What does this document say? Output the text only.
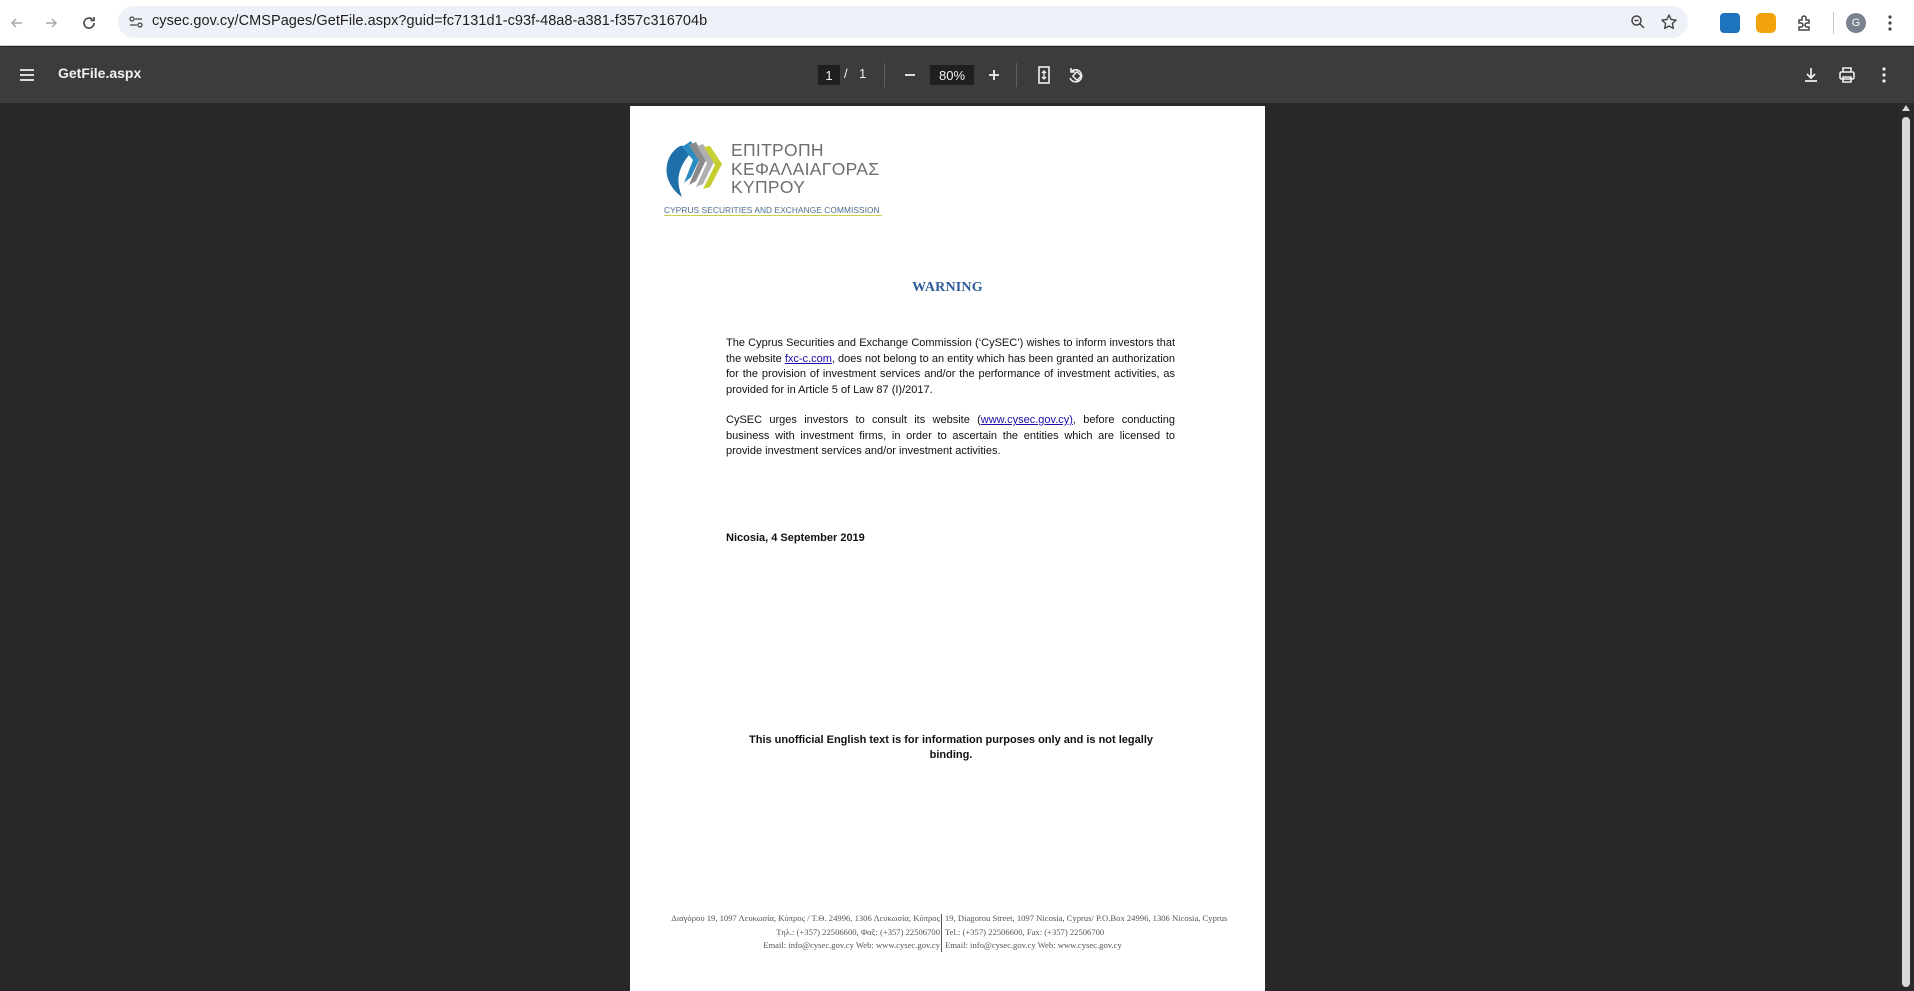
cysec.gov.cy/CMSPages/GetFile.aspx?guid=fc7131d1-c93f-48a8-a381-f357c316704b	G
GetFile.aspx	1 / 1	80%
ΕΠΙΤΡΟΠΗ
ΚΕΦΑΛΑΙΑΓΟΡΑΣ
ΚΥΠΡΟΥ
CYPRUS SECURITIES AND EXCHANGE COMMISSION
WARNING

The Cyprus Securities and Exchange Commission (‘CySEC’) wishes to inform investors that the website fxc-c.com, does not belong to an entity which has been granted an authorization for the provision of investment services and/or the performance of investment activities, as provided for in Article 5 of Law 87 (I)/2017.

CySEC urges investors to consult its website (www.cysec.gov.cy), before conducting business with investment firms, in order to ascertain the entities which are licensed to provide investment services and/or investment activities.

Nicosia, 4 September 2019
This unofficial English text is for information purposes only and is not legally binding.
Διαγόρου 19, 1097 Λευκωσία, Κύπρος / Τ.Θ. 24996, 1306 Λευκωσία, Κύπρος
Τηλ.: (+357) 22506600, Φαξ: (+357) 22506700
Email: info@cysec.gov.cy Web: www.cysec.gov.cy
19, Diagorou Street, 1097 Nicosia, Cyprus/ P.O.Box 24996, 1306 Nicosia, Cyprus
Tel.: (+357) 22506600, Fax: (+357) 22506700
Email: info@cysec.gov.cy Web: www.cysec.gov.cy
